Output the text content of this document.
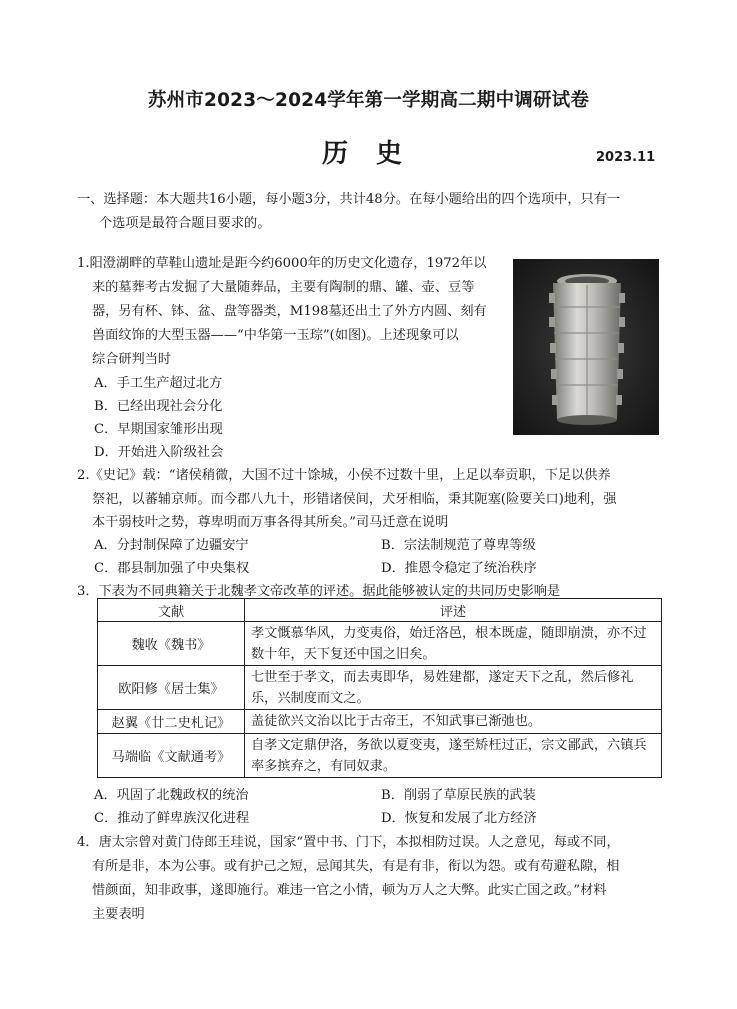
苏州市2023～2024学年第一学期高二期中调研试卷
历史	2023.11
一、选择题：本大题共16小题，每小题3分，共计48分。在每小题给出的四个选项中，只有一
个选项是最符合题目要求的。
1.阳澄湖畔的草鞋山遗址是距今约6000年的历史文化遗存，1972年以
来的墓葬考古发掘了大量随葬品，主要有陶制的鼎、罐、壶、豆等
器，另有杯、钵、盆、盘等器类，M198墓还出土了外方内圆、刻有
兽面纹饰的大型玉器——“中华第一玉琮”(如图)。上述现象可以
综合研判当时
A．手工生产超过北方
B．已经出现社会分化
C．早期国家雏形出现
D．开始进入阶级社会
2.《史记》载：“诸侯稍微，大国不过十馀城，小侯不过数十里，上足以奉贡职，下足以供养
祭祀，以蕃辅京师。而今郡八九十，形错诸侯间，犬牙相临，秉其阨塞(险要关口)地利，强
本干弱枝叶之势，尊卑明而万事各得其所矣。”司马迁意在说明
A．分封制保障了边疆安宁	B．宗法制规范了尊卑等级
C．郡县制加强了中央集权	D．推恩令稳定了统治秩序
3．下表为不同典籍关于北魏孝文帝改革的评述。据此能够被认定的共同历史影响是
文献	评述
魏收《魏书》	孝文慨慕华风，力变夷俗，始迁洛邑，根本既虚，随即崩溃，亦不过数十年，天下复还中国之旧矣。
欧阳修《居士集》	七世至于孝文，而去夷即华，易姓建都，遂定天下之乱，然后修礼乐，兴制度而文之。
赵翼《廿二史札记》	盖徒欲兴文治以比于古帝王，不知武事已渐弛也。
马端临《文献通考》	自孝文定鼎伊洛，务欲以夏变夷，遂至矫枉过正，宗文鄙武，六镇兵率多摈弃之，有同奴隶。
A．巩固了北魏政权的统治	B．削弱了草原民族的武装
C．推动了鲜卑族汉化进程	D．恢复和发展了北方经济
4．唐太宗曾对黄门侍郎王珪说，国家“置中书、门下，本拟相防过误。人之意见，每或不同，
有所是非，本为公事。或有护己之短，忌闻其失，有是有非，衔以为怨。或有苟避私隙，相
惜颜面，知非政事，遂即施行。难违一官之小情，顿为万人之大弊。此实亡国之政。”材料
主要表明
